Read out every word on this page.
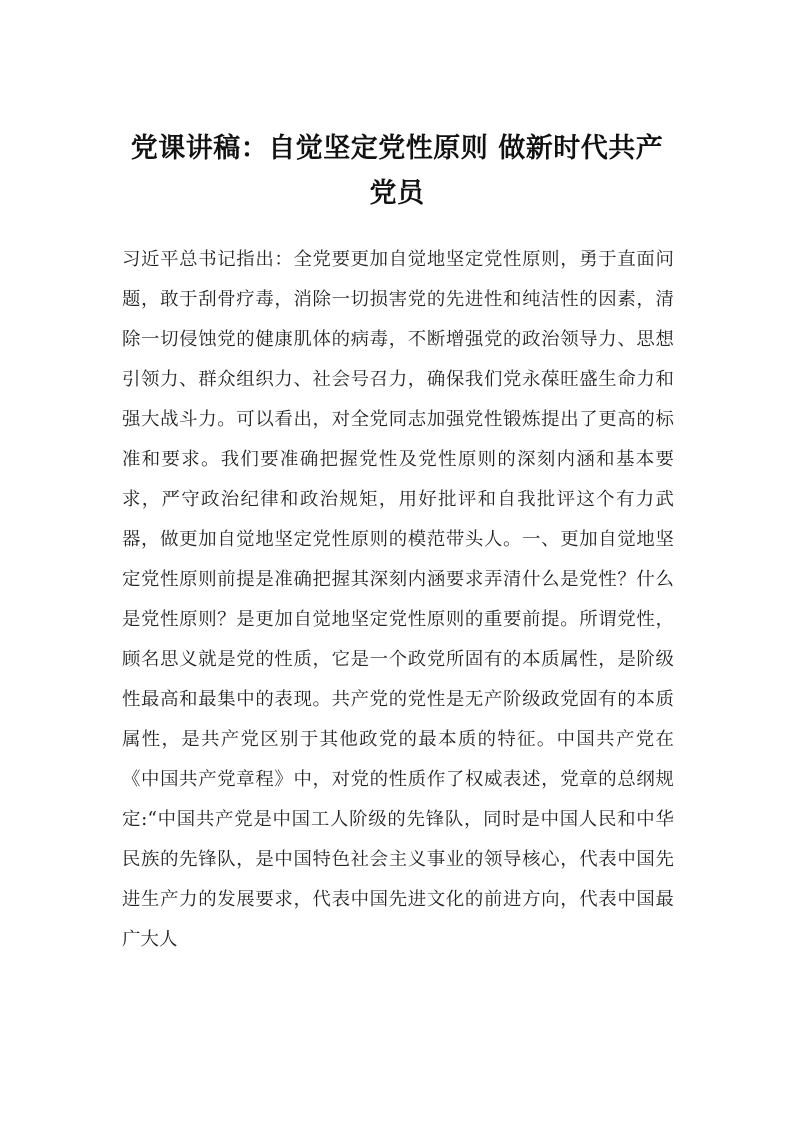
党课讲稿：自觉坚定党性原则 做新时代共产党员

习近平总书记指出：全党要更加自觉地坚定党性原则，勇于直面问题，敢于刮骨疗毒，消除一切损害党的先进性和纯洁性的因素，清除一切侵蚀党的健康肌体的病毒，不断增强党的政治领导力、思想引领力、群众组织力、社会号召力，确保我们党永葆旺盛生命力和强大战斗力。可以看出，对全党同志加强党性锻炼提出了更高的标准和要求。我们要准确把握党性及党性原则的深刻内涵和基本要求，严守政治纪律和政治规矩，用好批评和自我批评这个有力武器，做更加自觉地坚定党性原则的模范带头人。一、更加自觉地坚定党性原则前提是准确把握其深刻内涵要求弄清什么是党性？什么是党性原则？是更加自觉地坚定党性原则的重要前提。所谓党性，顾名思义就是党的性质，它是一个政党所固有的本质属性，是阶级性最高和最集中的表现。共产党的党性是无产阶级政党固有的本质属性，是共产党区别于其他政党的最本质的特征。中国共产党在《中国共产党章程》中，对党的性质作了权威表述，党章的总纲规定:“中国共产党是中国工人阶级的先锋队，同时是中国人民和中华民族的先锋队，是中国特色社会主义事业的领导核心，代表中国先进生产力的发展要求，代表中国先进文化的前进方向，代表中国最广大人
